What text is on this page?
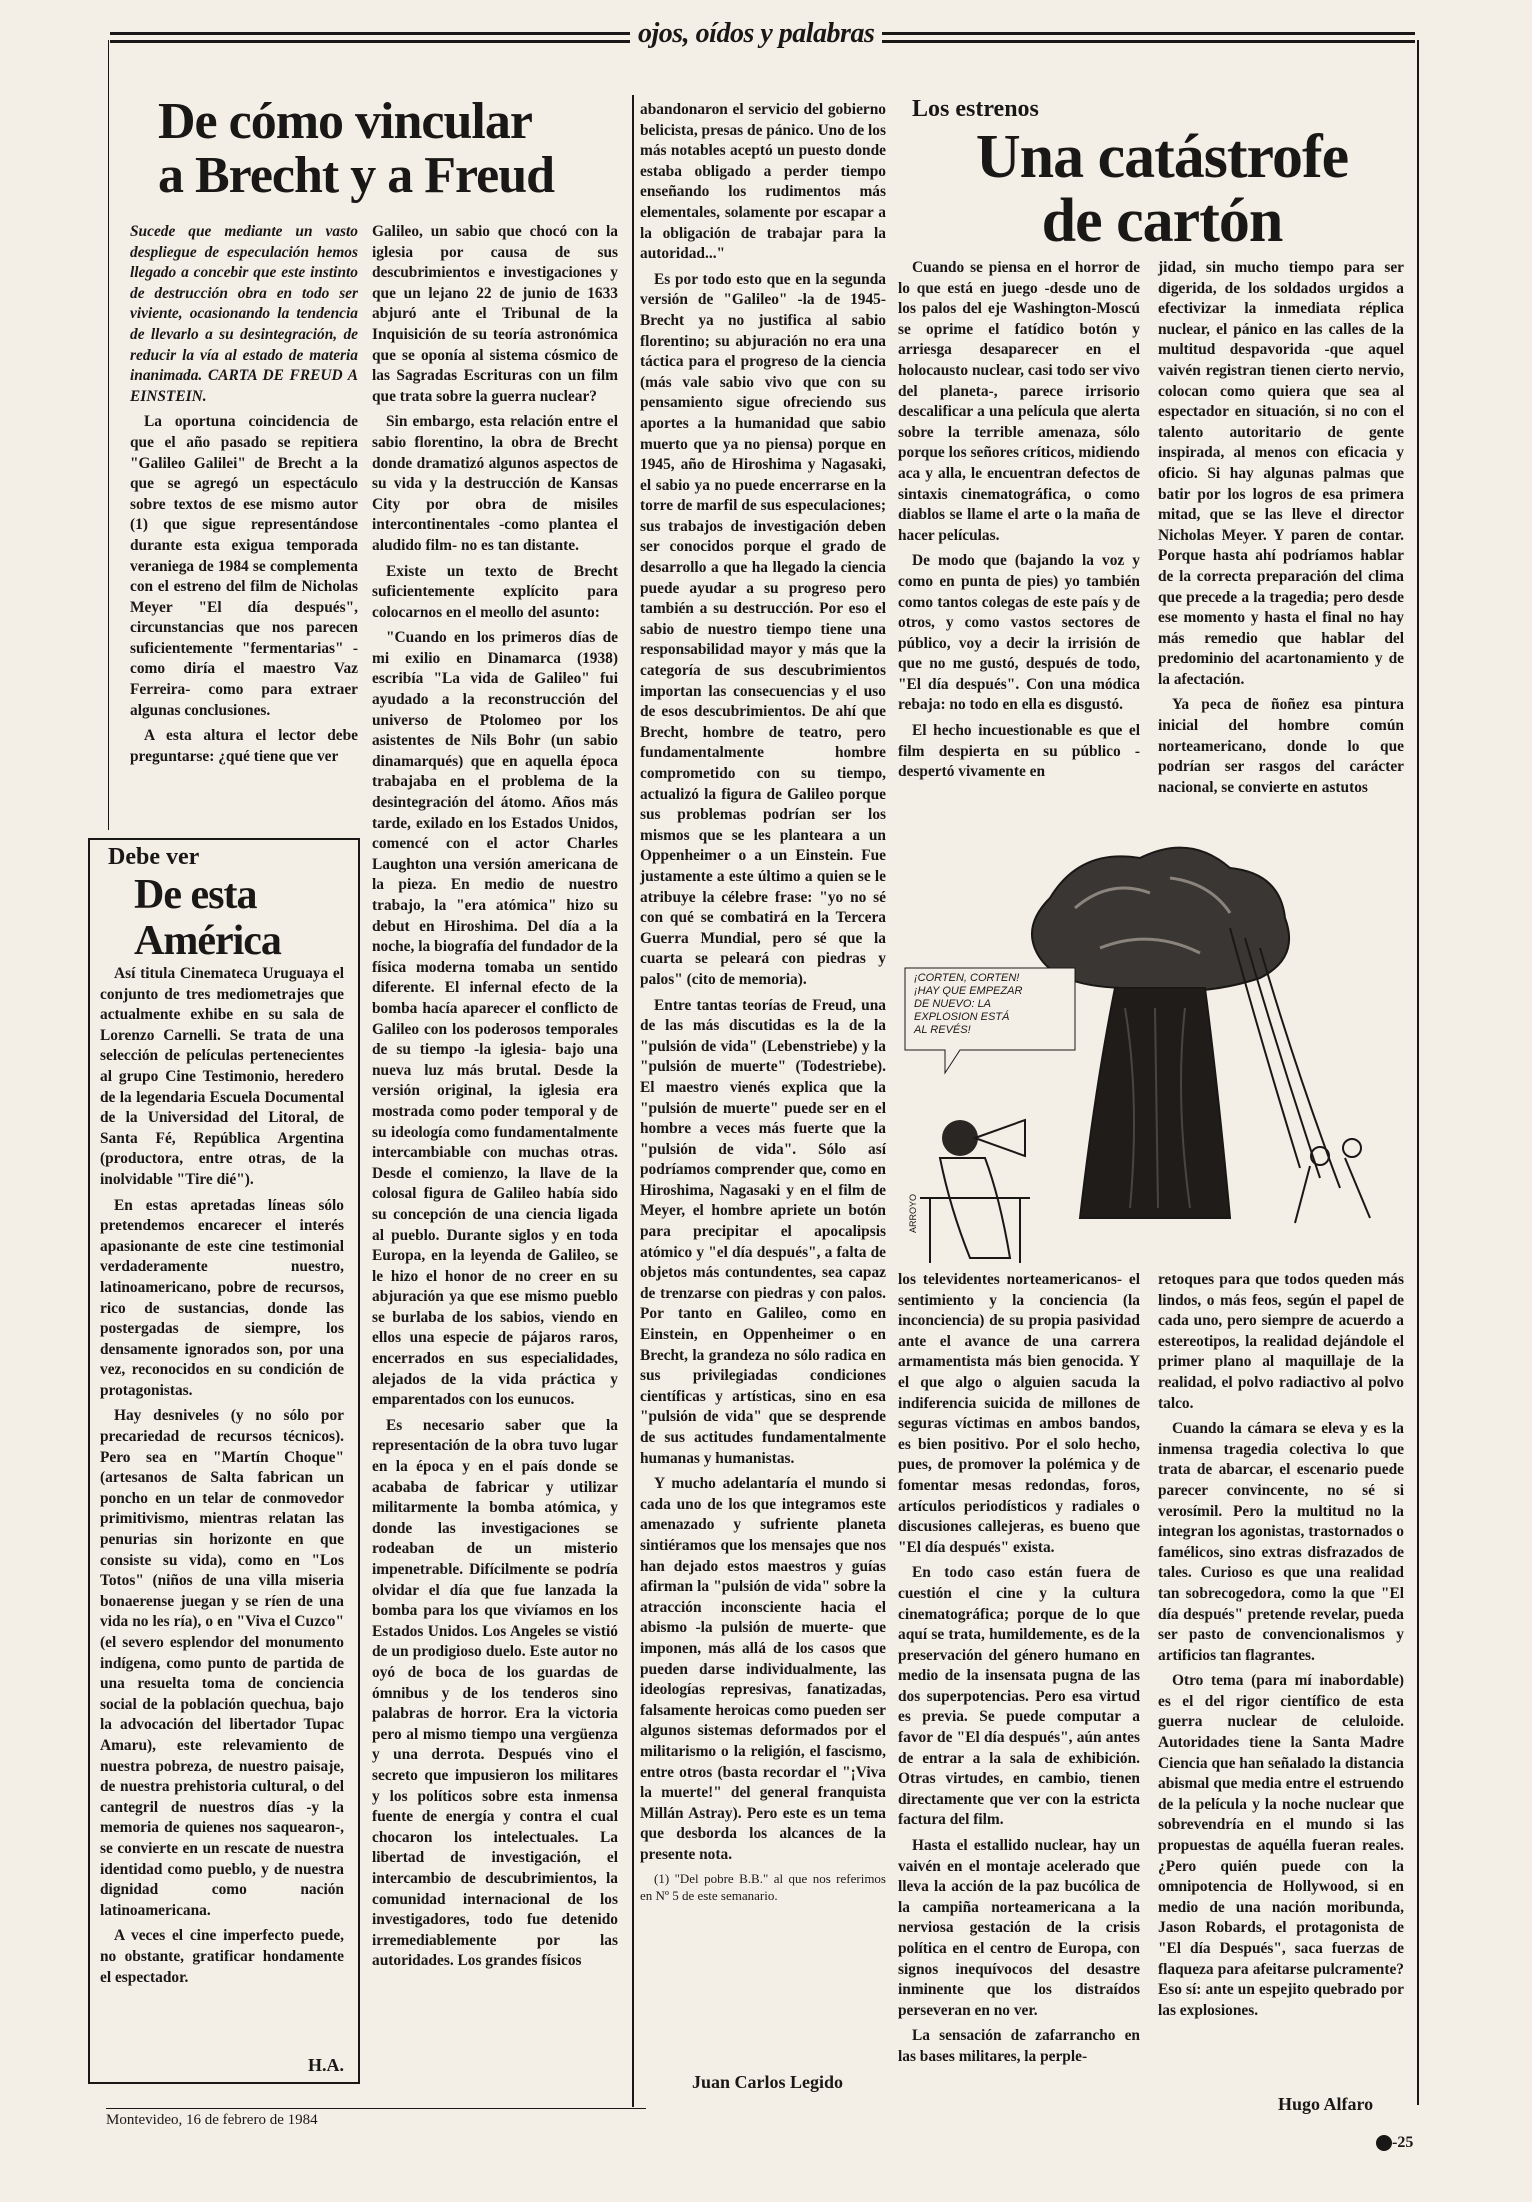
ojos, oídos y palabras
De cómo vincular
a Brecht y a Freud

Sucede que mediante un vasto despliegue de especulación hemos llegado a concebir que este instinto de destrucción obra en todo ser viviente, ocasionando la tendencia de llevarlo a su desintegración, de reducir la vía al estado de materia inanimada. CARTA DE FREUD A EINSTEIN.

La oportuna coincidencia de que el año pasado se repitiera "Galileo Galilei" de Brecht a la que se agregó un espectáculo sobre textos de ese mismo autor (1) que sigue representándose durante esta exigua temporada veraniega de 1984 se complementa con el estreno del film de Nicholas Meyer "El día después", circunstancias que nos parecen suficientemente "fermentarias" -como diría el maestro Vaz Ferreira- como para extraer algunas conclusiones.

A esta altura el lector debe preguntarse: ¿qué tiene que ver

Galileo, un sabio que chocó con la iglesia por causa de sus descubrimientos e investigaciones y que un lejano 22 de junio de 1633 abjuró ante el Tribunal de la Inquisición de su teoría astronómica que se oponía al sistema cósmico de las Sagradas Escrituras con un film que trata sobre la guerra nuclear?

Sin embargo, esta relación entre el sabio florentino, la obra de Brecht donde dramatizó algunos aspectos de su vida y la destrucción de Kansas City por obra de misiles intercontinentales -como plantea el aludido film- no es tan distante.

Existe un texto de Brecht suficientemente explícito para colocarnos en el meollo del asunto:

"Cuando en los primeros días de mi exilio en Dinamarca (1938) escribía "La vida de Galileo" fui ayudado a la reconstrucción del universo de Ptolomeo por los asistentes de Nils Bohr (un sabio dinamarqués) que en aquella época trabajaba en el problema de la desintegración del átomo. Años más tarde, exilado en los Estados Unidos, comencé con el actor Charles Laughton una versión americana de la pieza. En medio de nuestro trabajo, la "era atómica" hizo su debut en Hiroshima. Del día a la noche, la biografía del fundador de la física moderna tomaba un sentido diferente. El infernal efecto de la bomba hacía aparecer el conflicto de Galileo con los poderosos temporales de su tiempo -la iglesia- bajo una nueva luz más brutal. Desde la versión original, la iglesia era mostrada como poder temporal y de su ideología como fundamentalmente intercambiable con muchas otras. Desde el comienzo, la llave de la colosal figura de Galileo había sido su concepción de una ciencia ligada al pueblo. Durante siglos y en toda Europa, en la leyenda de Galileo, se le hizo el honor de no creer en su abjuración ya que ese mismo pueblo se burlaba de los sabios, viendo en ellos una especie de pájaros raros, encerrados en sus especialidades, alejados de la vida práctica y emparentados con los eunucos.

Es necesario saber que la representación de la obra tuvo lugar en la época y en el país donde se acababa de fabricar y utilizar militarmente la bomba atómica, y donde las investigaciones se rodeaban de un misterio impenetrable. Difícilmente se podría olvidar el día que fue lanzada la bomba para los que vivíamos en los Estados Unidos. Los Angeles se vistió de un prodigioso duelo. Este autor no oyó de boca de los guardas de ómnibus y de los tenderos sino palabras de horror. Era la victoria pero al mismo tiempo una vergüenza y una derrota. Después vino el secreto que impusieron los militares y los políticos sobre esta inmensa fuente de energía y contra el cual chocaron los intelectuales. La libertad de investigación, el intercambio de descubrimientos, la comunidad internacional de los investigadores, todo fue detenido irremediablemente por las autoridades. Los grandes físicos

abandonaron el servicio del gobierno belicista, presas de pánico. Uno de los más notables aceptó un puesto donde estaba obligado a perder tiempo enseñando los rudimentos más elementales, solamente por escapar a la obligación de trabajar para la autoridad..."

Es por todo esto que en la segunda versión de "Galileo" -la de 1945- Brecht ya no justifica al sabio florentino; su abjuración no era una táctica para el progreso de la ciencia (más vale sabio vivo que con su pensamiento sigue ofreciendo sus aportes a la humanidad que sabio muerto que ya no piensa) porque en 1945, año de Hiroshima y Nagasaki, el sabio ya no puede encerrarse en la torre de marfil de sus especulaciones; sus trabajos de investigación deben ser conocidos porque el grado de desarrollo a que ha llegado la ciencia puede ayudar a su progreso pero también a su destrucción. Por eso el sabio de nuestro tiempo tiene una responsabilidad mayor y más que la categoría de sus descubrimientos importan las consecuencias y el uso de esos descubrimientos. De ahí que Brecht, hombre de teatro, pero fundamentalmente hombre comprometido con su tiempo, actualizó la figura de Galileo porque sus problemas podrían ser los mismos que se les planteara a un Oppenheimer o a un Einstein. Fue justamente a este último a quien se le atribuye la célebre frase: "yo no sé con qué se combatirá en la Tercera Guerra Mundial, pero sé que la cuarta se peleará con piedras y palos" (cito de memoria).

Entre tantas teorías de Freud, una de las más discutidas es la de la "pulsión de vida" (Lebenstriebe) y la "pulsión de muerte" (Todestriebe). El maestro vienés explica que la "pulsión de muerte" puede ser en el hombre a veces más fuerte que la "pulsión de vida". Sólo así podríamos comprender que, como en Hiroshima, Nagasaki y en el film de Meyer, el hombre apriete un botón para precipitar el apocalipsis atómico y "el día después", a falta de objetos más contundentes, sea capaz de trenzarse con piedras y con palos. Por tanto en Galileo, como en Einstein, en Oppenheimer o en Brecht, la grandeza no sólo radica en sus privilegiadas condiciones científicas y artísticas, sino en esa "pulsión de vida" que se desprende de sus actitudes fundamentalmente humanas y humanistas.

Y mucho adelantaría el mundo si cada uno de los que integramos este amenazado y sufriente planeta sintiéramos que los mensajes que nos han dejado estos maestros y guías afirman la "pulsión de vida" sobre la atracción inconsciente hacia el abismo -la pulsión de muerte- que imponen, más allá de los casos que pueden darse individualmente, las ideologías represivas, fanatizadas, falsamente heroicas como pueden ser algunos sistemas deformados por el militarismo o la religión, el fascismo, entre otros (basta recordar el "¡Viva la muerte!" del general franquista Millán Astray). Pero este es un tema que desborda los alcances de la presente nota.

(1) "Del pobre B.B." al que nos referimos en Nº 5 de este semanario.

Juan Carlos Legido
Debe ver
De esta
América

Así titula Cinemateca Uruguaya el conjunto de tres mediometrajes que actualmente exhibe en su sala de Lorenzo Carnelli. Se trata de una selección de películas pertenecientes al grupo Cine Testimonio, heredero de la legendaria Escuela Documental de la Universidad del Litoral, de Santa Fé, República Argentina (productora, entre otras, de la inolvidable "Tire dié").

En estas apretadas líneas sólo pretendemos encarecer el interés apasionante de este cine testimonial verdaderamente nuestro, latinoamericano, pobre de recursos, rico de sustancias, donde las postergadas de siempre, los densamente ignorados son, por una vez, reconocidos en su condición de protagonistas.

Hay desniveles (y no sólo por precariedad de recursos técnicos). Pero sea en "Martín Choque" (artesanos de Salta fabrican un poncho en un telar de conmovedor primitivismo, mientras relatan las penurias sin horizonte en que consiste su vida), como en "Los Totos" (niños de una villa miseria bonaerense juegan y se ríen de una vida no les ría), o en "Viva el Cuzco" (el severo esplendor del monumento indígena, como punto de partida de una resuelta toma de conciencia social de la población quechua, bajo la advocación del libertador Tupac Amaru), este relevamiento de nuestra pobreza, de nuestro paisaje, de nuestra prehistoria cultural, o del cantegril de nuestros días -y la memoria de quienes nos saquearon-, se convierte en un rescate de nuestra identidad como pueblo, y de nuestra dignidad como nación latinoamericana.

A veces el cine imperfecto puede, no obstante, gratificar hondamente el espectador.

H.A.
Los estrenos
Una catástrofe
de cartón

Cuando se piensa en el horror de lo que está en juego -desde uno de los palos del eje Washington-Moscú se oprime el fatídico botón y arriesga desaparecer en el holocausto nuclear, casi todo ser vivo del planeta-, parece irrisorio descalificar a una película que alerta sobre la terrible amenaza, sólo porque los señores críticos, midiendo aca y alla, le encuentran defectos de sintaxis cinematográfica, o como diablos se llame el arte o la maña de hacer películas.

De modo que (bajando la voz y como en punta de pies) yo también como tantos colegas de este país y de otros, y como vastos sectores de público, voy a decir la irrisión de que no me gustó, después de todo, "El día después". Con una módica rebaja: no todo en ella es disgustó.

El hecho incuestionable es que el film despierta en su público -despertó vivamente en

jidad, sin mucho tiempo para ser digerida, de los soldados urgidos a efectivizar la inmediata réplica nuclear, el pánico en las calles de la multitud despavorida -que aquel vaivén registran tienen cierto nervio, colocan como quiera que sea al espectador en situación, si no con el talento autoritario de gente inspirada, al menos con eficacia y oficio. Si hay algunas palmas que batir por los logros de esa primera mitad, que se las lleve el director Nicholas Meyer. Y paren de contar. Porque hasta ahí podríamos hablar de la correcta preparación del clima que precede a la tragedia; pero desde ese momento y hasta el final no hay más remedio que hablar del predominio del acartonamiento y de la afectación.

Ya peca de ñoñez esa pintura inicial del hombre común norteamericano, donde lo que podrían ser rasgos del carácter nacional, se convierte en astutos

¡CORTEN, CORTEN!
¡HAY QUE EMPEZAR
DE NUEVO: LA
EXPLOSION ESTÁ
AL REVÉS!
ARROYO

los televidentes norteamericanos- el sentimiento y la conciencia (la inconciencia) de su propia pasividad ante el avance de una carrera armamentista más bien genocida. Y el que algo o alguien sacuda la indiferencia suicida de millones de seguras víctimas en ambos bandos, es bien positivo. Por el solo hecho, pues, de promover la polémica y de fomentar mesas redondas, foros, artículos periodísticos y radiales o discusiones callejeras, es bueno que "El día después" exista.

En todo caso están fuera de cuestión el cine y la cultura cinematográfica; porque de lo que aquí se trata, humildemente, es de la preservación del género humano en medio de la insensata pugna de las dos superpotencias. Pero esa virtud es previa. Se puede computar a favor de "El día después", aún antes de entrar a la sala de exhibición. Otras virtudes, en cambio, tienen directamente que ver con la estricta factura del film.

Hasta el estallido nuclear, hay un vaivén en el montaje acelerado que lleva la acción de la paz bucólica de la campiña norteamericana a la nerviosa gestación de la crisis política en el centro de Europa, con signos inequívocos del desastre inminente que los distraídos perseveran en no ver.

La sensación de zafarrancho en las bases militares, la perple-

retoques para que todos queden más lindos, o más feos, según el papel de cada uno, pero siempre de acuerdo a estereotipos, la realidad dejándole el primer plano al maquillaje de la realidad, el polvo radiactivo al polvo talco.

Cuando la cámara se eleva y es la inmensa tragedia colectiva lo que trata de abarcar, el escenario puede parecer convincente, no sé si verosímil. Pero la multitud no la integran los agonistas, trastornados o famélicos, sino extras disfrazados de tales. Curioso es que una realidad tan sobrecogedora, como la que "El día después" pretende revelar, pueda ser pasto de convencionalismos y artificios tan flagrantes.

Otro tema (para mí inabordable) es el del rigor científico de esta guerra nuclear de celuloide. Autoridades tiene la Santa Madre Ciencia que han señalado la distancia abismal que media entre el estruendo de la película y la noche nuclear que sobrevendría en el mundo si las propuestas de aquélla fueran reales. ¿Pero quién puede con la omnipotencia de Hollywood, si en medio de una nación moribunda, Jason Robards, el protagonista de "El día Después", saca fuerzas de flaqueza para afeitarse pulcramente? Eso sí: ante un espejito quebrado por las explosiones.

Hugo Alfaro
Montevideo, 16 de febrero de 1984
-25
